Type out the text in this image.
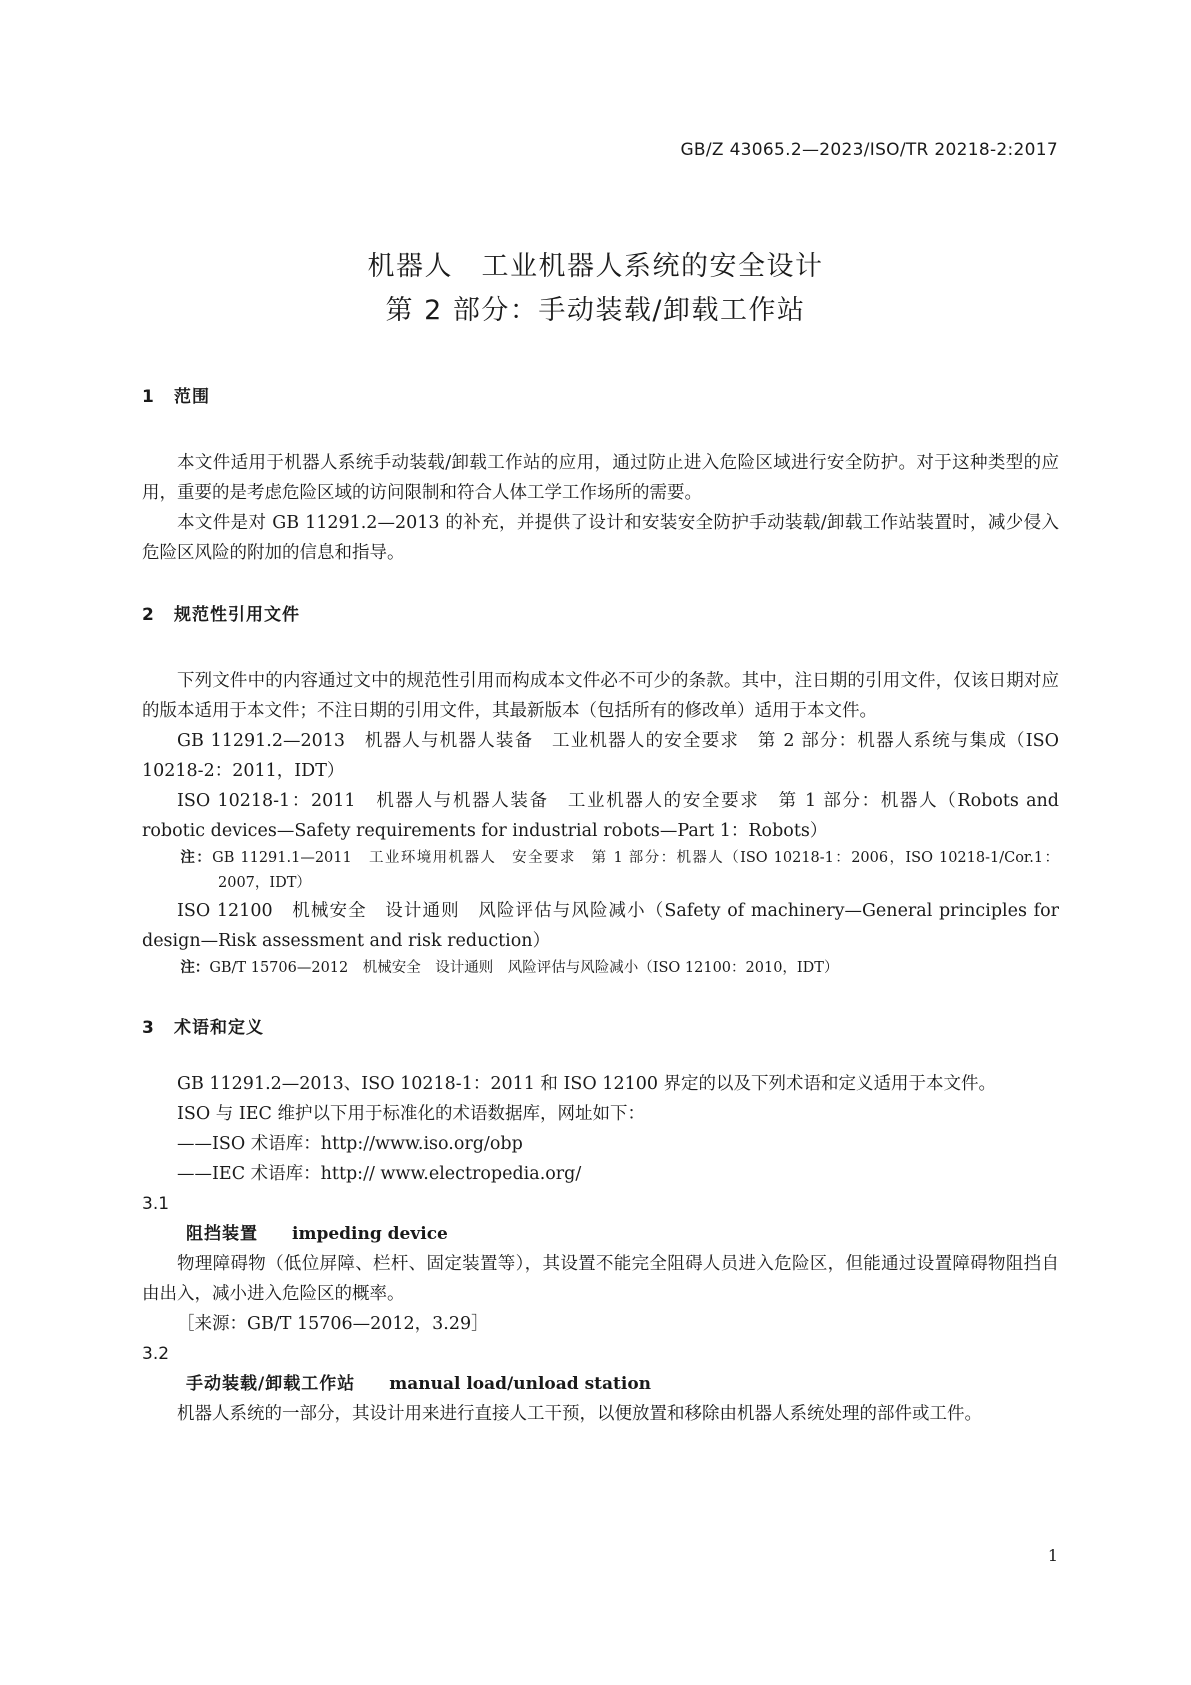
GB/Z 43065.2—2023/ISO/TR 20218-2:2017
机器人　工业机器人系统的安全设计
第 2 部分：手动装载/卸载工作站
1 范围

本文件适用于机器人系统手动装载/卸载工作站的应用，通过防止进入危险区域进行安全防护。对于这种类型的应用，重要的是考虑危险区域的访问限制和符合人体工学工作场所的需要。

本文件是对 GB 11291.2—2013 的补充，并提供了设计和安装安全防护手动装载/卸载工作站装置时，减少侵入危险区风险的附加的信息和指导。

2 规范性引用文件

下列文件中的内容通过文中的规范性引用而构成本文件必不可少的条款。其中，注日期的引用文件，仅该日期对应的版本适用于本文件；不注日期的引用文件，其最新版本（包括所有的修改单）适用于本文件。

GB 11291.2—2013　机器人与机器人装备　工业机器人的安全要求　第 2 部分：机器人系统与集成（ISO 10218-2：2011，IDT）

ISO 10218-1：2011　机器人与机器人装备　工业机器人的安全要求　第 1 部分：机器人（Robots and robotic devices—Safety requirements for industrial robots—Part 1：Robots）

注：GB 11291.1—2011　工业环境用机器人　安全要求　第 1 部分：机器人（ISO 10218-1：2006，ISO 10218-1/Cor.1：2007，IDT）

ISO 12100　机械安全　设计通则　风险评估与风险减小（Safety of machinery—General principles for design—Risk assessment and risk reduction）

注：GB/T 15706—2012　机械安全　设计通则　风险评估与风险减小（ISO 12100：2010，IDT）
3 术语和定义

GB 11291.2—2013、ISO 10218-1：2011 和 ISO 12100 界定的以及下列术语和定义适用于本文件。

ISO 与 IEC 维护以下用于标准化的术语数据库，网址如下：

——ISO 术语库：http://www.iso.org/obp

——IEC 术语库：http:// www.electropedia.org/

3.1
阻挡装置 impeding device

物理障碍物（低位屏障、栏杆、固定装置等），其设置不能完全阻碍人员进入危险区，但能通过设置障碍物阻挡自由出入，减小进入危险区的概率。

［来源：GB/T 15706—2012，3.29］

3.2
手动装载/卸载工作站 manual load/unload station

机器人系统的一部分，其设计用来进行直接人工干预，以便放置和移除由机器人系统处理的部件或工件。

1
